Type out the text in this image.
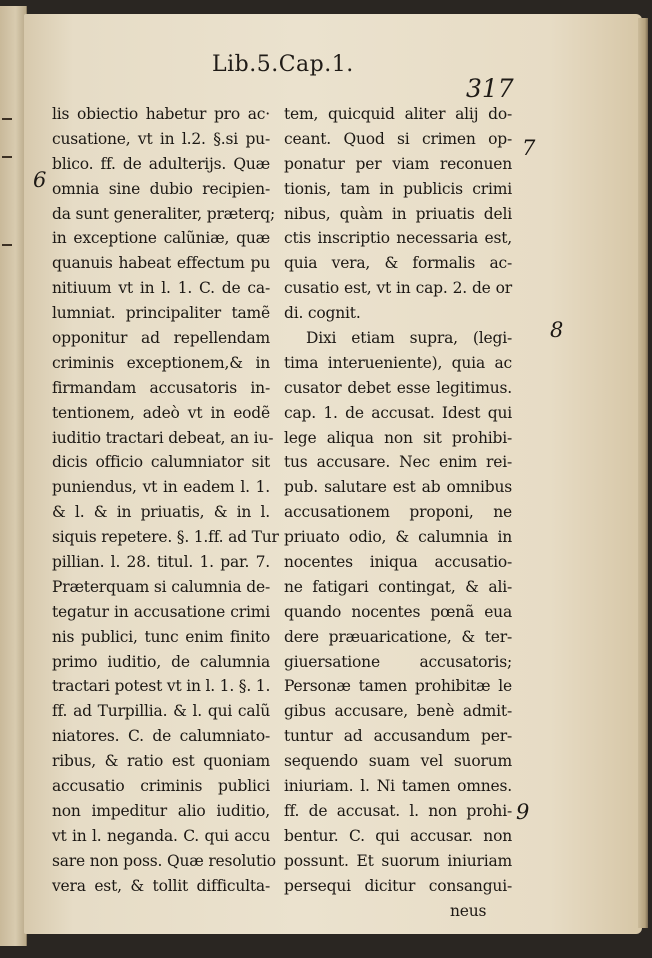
Lib.5.Cap.1.
317
6
7
8
9
lis obiectio habetur pro ac·
cusatione, vt in l.2. §.si pu-
blico. ff. de adulterijs. Quæ
omnia sine dubio recipien-
da sunt generaliter, præterq;
in exceptione calũniæ, quæ
quanuis habeat effectum pu
nitiuum vt in l. 1. C. de ca-
lumniat. principaliter tamẽ
opponitur ad repellendam
criminis exceptionem,& in
firmandam accusatoris in-
tentionem, adeò vt in eodẽ
iuditio tractari debeat, an iu-
dicis officio calumniator sit
puniendus, vt in eadem l. 1.
& l. & in priuatis, & in l.
siquis repetere. §. 1.ff. ad Tur
pillian. l. 28. titul. 1. par. 7.
Præterquam si calumnia de-
tegatur in accusatione crimi
nis publici, tunc enim finito
primo iuditio, de calumnia
tractari potest vt in l. 1. §. 1.
ff. ad Turpillia. & l. qui calũ
niatores. C. de calumniato-
ribus, & ratio est quoniam
accusatio criminis publici
non impeditur alio iuditio,
vt in l. neganda. C. qui accu
sare non poss. Quæ resolutio
vera est, & tollit difficulta-
tem, quicquid aliter alij do-
ceant. Quod si crimen op-
ponatur per viam reconuen
tionis, tam in publicis crimi
nibus, quàm in priuatis deli
ctis inscriptio necessaria est,
quia vera, & formalis ac-
cusatio est, vt in cap. 2. de or
di. cognit.
Dixi etiam supra, (legi-
tima interueniente), quia ac
cusator debet esse legitimus.
cap. 1. de accusat. Idest qui
lege aliqua non sit prohibi-
tus accusare. Nec enim rei-
pub. salutare est ab omnibus
accusationem proponi, ne
priuato odio, & calumnia in
nocentes iniqua accusatio-
ne fatigari contingat, & ali-
quando nocentes pœnã eua
dere præuaricatione, & ter-
giuersatione accusatoris;
Personæ tamen prohibitæ le
gibus accusare, benè admit-
tuntur ad accusandum per-
sequendo suam vel suorum
iniuriam. l. Ni tamen omnes.
ff. de accusat. l. non prohi-
bentur. C. qui accusar. non
possunt. Et suorum iniuriam
persequi dicitur consangui-
neus
